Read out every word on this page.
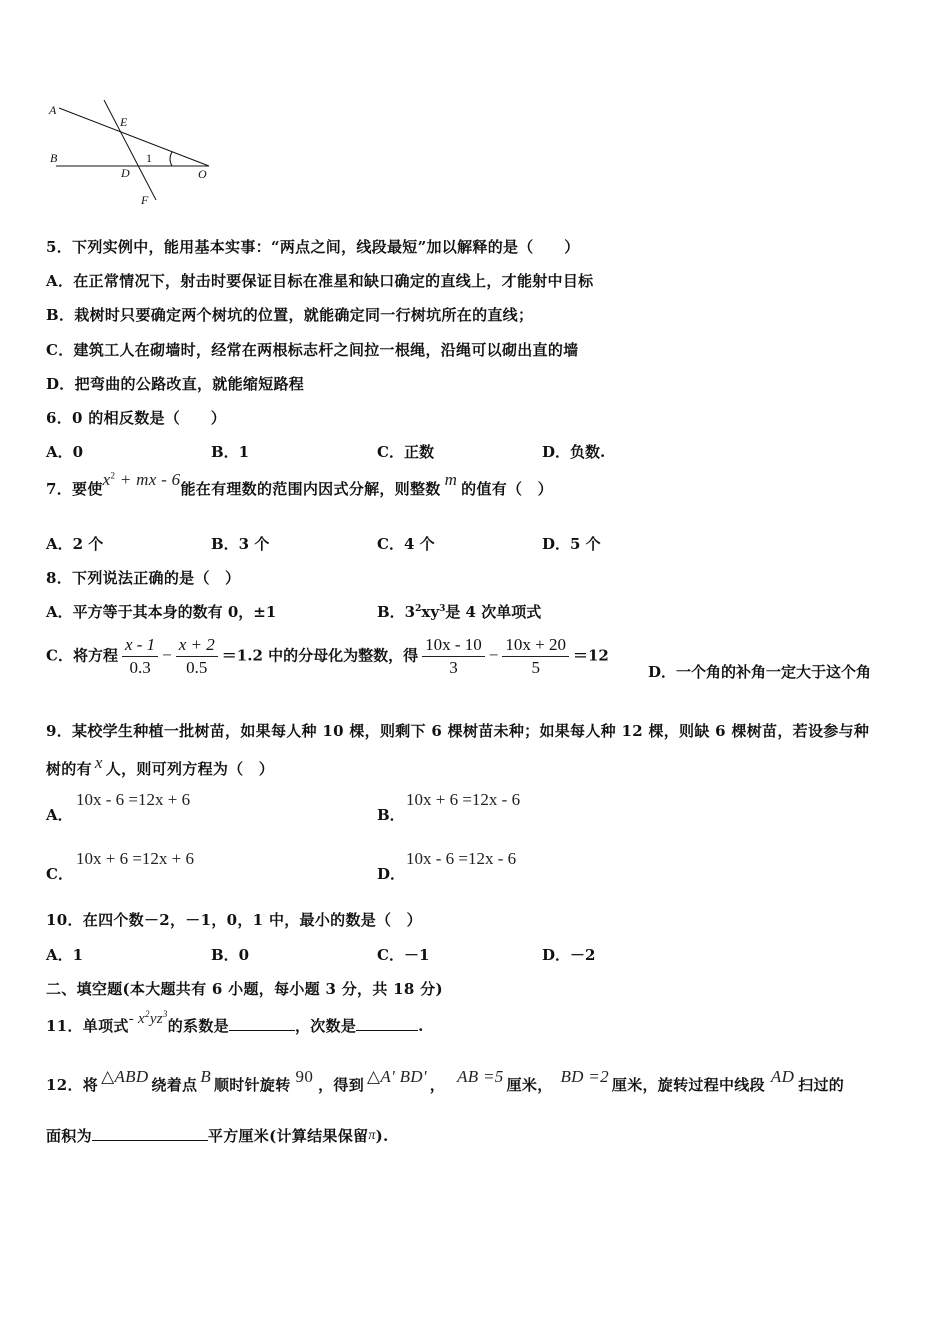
A
E
B
D
1
O
F
5．下列实例中，能用基本实事：“两点之间，线段最短”加以解释的是（　　）
A．在正常情况下，射击时要保证目标在准星和缺口确定的直线上，才能射中目标
B．栽树时只要确定两个树坑的位置，就能确定同一行树坑所在的直线；
C．建筑工人在砌墙时，经常在两根标志杆之间拉一根绳，沿绳可以砌出直的墙
D．把弯曲的公路改直，就能缩短路程
6．0 的相反数是（　　）
A．0	B．1	C．正数	D．负数.
7．要使$x^2$ + mx - 6能在有理数的范围内因式分解，则整数 m 的值有（　）
A．2 个	B．3 个	C．4 个	D．5 个
8．下列说法正确的是（　）
A．平方等于其本身的数有 0，±1	B．$3^2xy^3$是 4 次单项式
C．将方程 $\frac{x - 1}{0.3} - \frac{x + 2}{0.5} =1.2$ 中的分母化为整数，得 $\frac{10x - 10}{3} - \frac{10x + 20}{5} =12$
D．一个角的补角一定大于这个角
9．某校学生种植一批树苗，如果每人种 10 棵，则剩下 6 棵树苗未种；如果每人种 12 棵，则缺 6 棵树苗，若设参与种
树的有 x 人，则可列方程为（　）
A．
10x - 6 =12x + 6
B．
10x + 6 =12x - 6
C．
10x + 6 =12x + 6
D．
10x - 6 =12x - 6
10．在四个数－2，－1，0，1 中，最小的数是（　）
A．1	B．0	C．－1	D．－2
二、填空题(本大题共有 6 小题，每小题 3 分，共 18 分)
11．单项式- $x^2yz^3$的系数是	，次数是	.
12．将 △ABD 绕着点 B 顺时针旋转 90 ，得到 △A' BD' ， AB =5 厘米， BD =2 厘米，旋转过程中线段 AD 扫过的
面积为	平方厘米(计算结果保留π).
